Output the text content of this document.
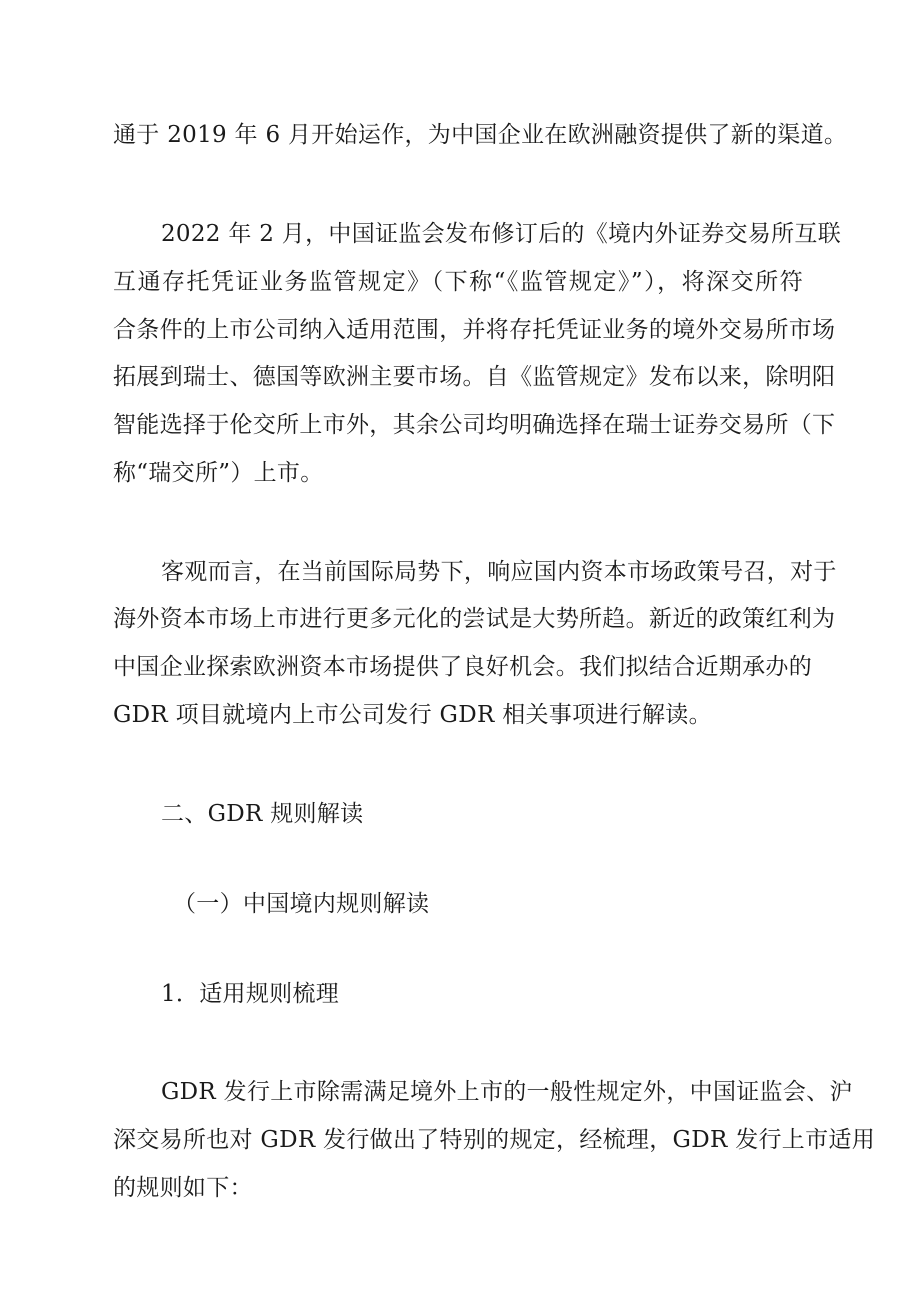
通于 2019 年 6 月开始运作，为中国企业在欧洲融资提供了新的渠道。
2022 年 2 月，中国证监会发布修订后的《境内外证券交易所互联
互通存托凭证业务监管规定》（下称“《监管规定》”），将深交所符
合条件的上市公司纳入适用范围，并将存托凭证业务的境外交易所市场
拓展到瑞士、德国等欧洲主要市场。自《监管规定》发布以来，除明阳
智能选择于伦交所上市外，其余公司均明确选择在瑞士证券交易所（下
称“瑞交所”）上市。
客观而言，在当前国际局势下，响应国内资本市场政策号召，对于
海外资本市场上市进行更多元化的尝试是大势所趋。新近的政策红利为
中国企业探索欧洲资本市场提供了良好机会。我们拟结合近期承办的
GDR 项目就境内上市公司发行 GDR 相关事项进行解读。
二、GDR 规则解读
（一）中国境内规则解读
1．适用规则梳理
GDR 发行上市除需满足境外上市的一般性规定外，中国证监会、沪
深交易所也对 GDR 发行做出了特别的规定，经梳理，GDR 发行上市适用
的规则如下：
